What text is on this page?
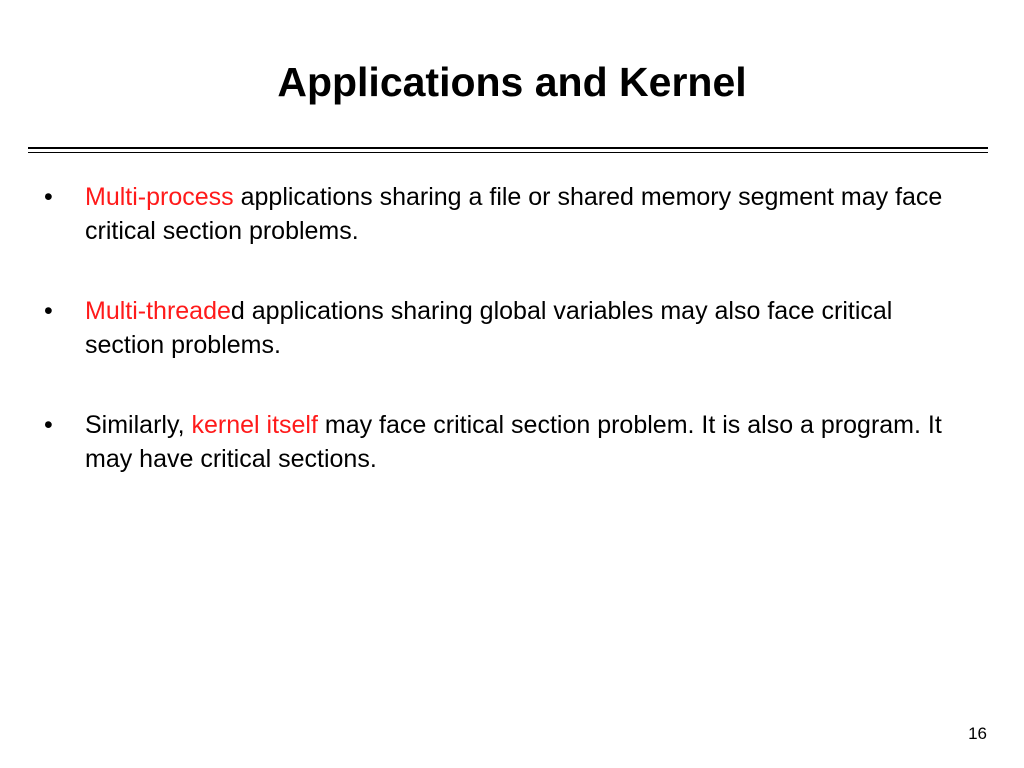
Applications and Kernel
• Multi-process applications sharing a file or shared memory segment may face critical section problems.
• Multi-threaded applications sharing global variables may also face critical section problems.
• Similarly, kernel itself may face critical section problem. It is also a program. It may have critical sections.
16
